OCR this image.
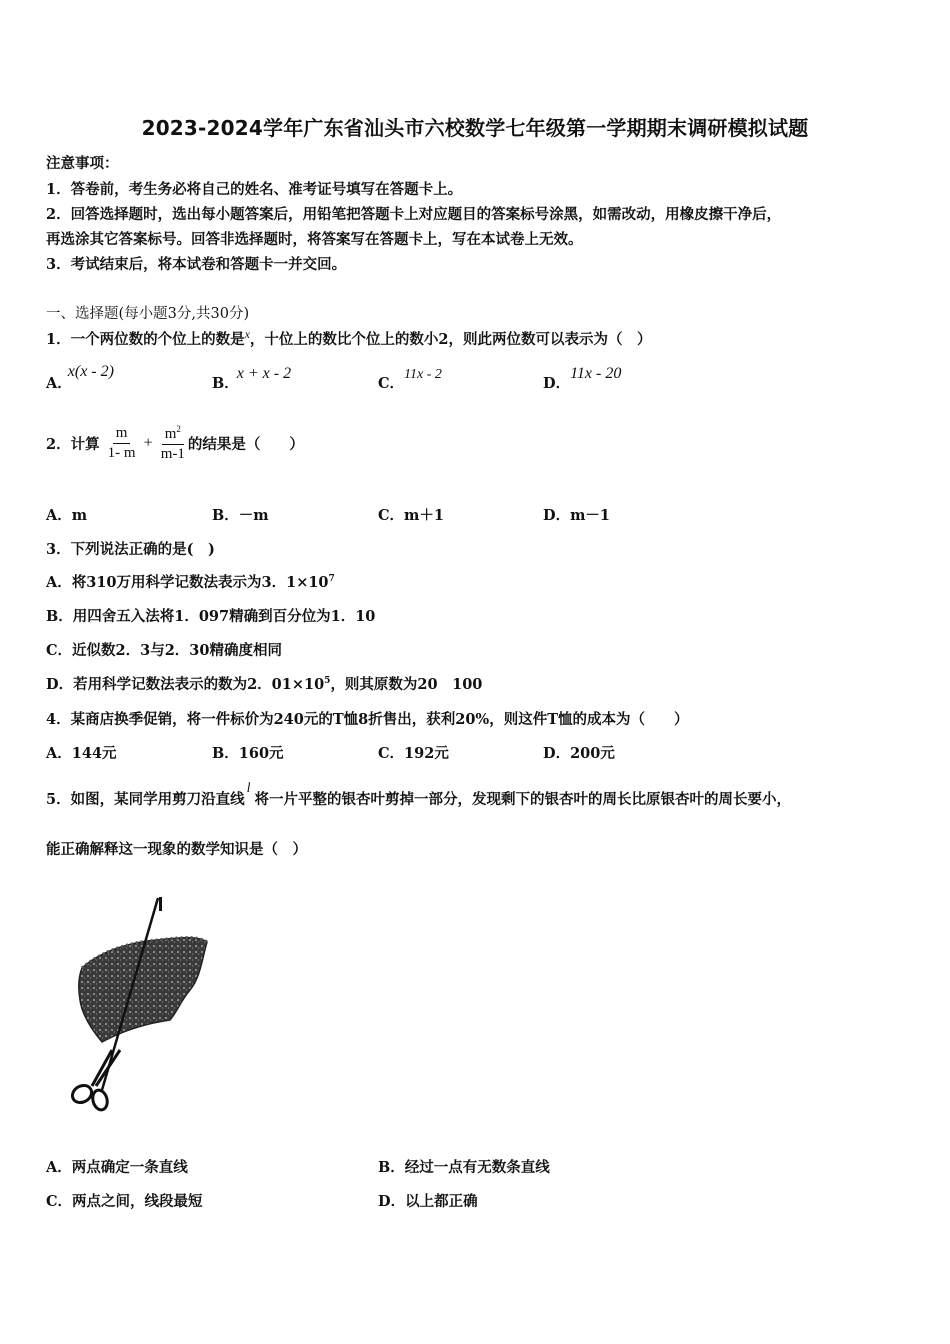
2023-2024学年广东省汕头市六校数学七年级第一学期期末调研模拟试题
注意事项：
1．答卷前，考生务必将自己的姓名、准考证号填写在答题卡上。
2．回答选择题时，选出每小题答案后，用铅笔把答题卡上对应题目的答案标号涂黑，如需改动，用橡皮擦干净后，
再选涂其它答案标号。回答非选择题时，将答案写在答题卡上，写在本试卷上无效。
3．考试结束后，将本试卷和答题卡一并交回。
一、选择题(每小题3分,共30分)
1．一个两位数的个位上的数是$^x$，十位上的数比个位上的数小2，则此两位数可以表示为（　）
A．x(x - 2)
B．x + x - 2
C．11x - 2
D．11x - 20
2．计算 $\frac{m}{1- m} + \frac{m^2}{m-1}$ 的结果是（　　）
A．m	B．－m	C．m＋1	D．m－1
3．下列说法正确的是(　)
A．将310万用科学记数法表示为3．$1\times 10^7$
B．用四舍五入法将1．097精确到百分位为1．10
C．近似数2．3与2．30精确度相同
D．若用科学记数法表示的数为2．$01\times 10^5$，则其原数为20　100
4．某商店换季促销，将一件标价为240元的T恤8折售出，获利20%，则这件T恤的成本为（　　）
A．144元	B．160元	C．192元	D．200元
5．如图，某同学用剪刀沿直线l将一片平整的银杏叶剪掉一部分，发现剩下的银杏叶的周长比原银杏叶的周长要小，
能正确解释这一现象的数学知识是（　）
A．两点确定一条直线	B．经过一点有无数条直线
C．两点之间，线段最短	D．以上都正确
